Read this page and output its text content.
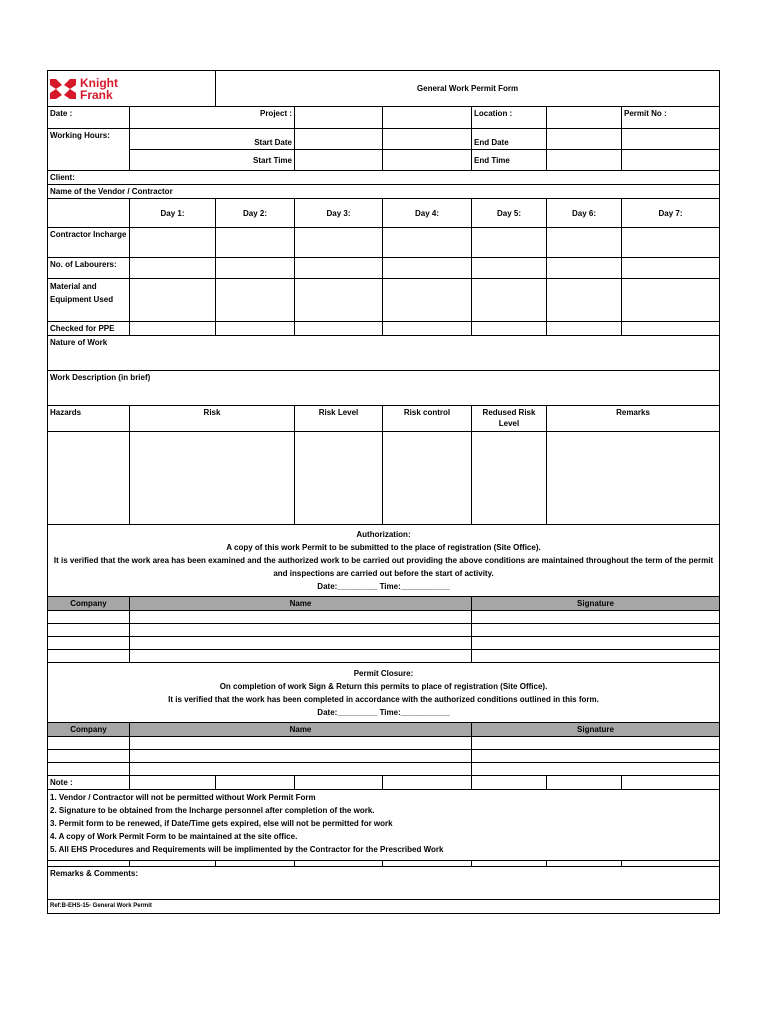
Knight
Frank		General Work Permit Form					
Date :	Project :				Location :		Permit No :
Working Hours:	Start Date				End Date		
	Start Time				End Time		
Client:							
Name of the Vendor / Contractor							
	Day 1:	Day 2:	Day 3:	Day 4:	Day 5:	Day 6:	Day 7:
Contractor Incharge							
No. of Labourers:							
Material and Equipment Used							
Checked for PPE							
Nature of Work							
Work Description (in brief)							
Hazards	Risk		Risk Level	Risk control	Redused Risk Level	Remarks	

Authorization:
A copy of this work Permit to be submitted to the place of registration (Site Office).
It is verified that the work area has been examined and the authorized work to be carried out providing the above conditions are maintained throughout the term of the permit and inspections are carried out before the start of activity.
Date:_________ Time:___________							

Company	Name				Signature		

Permit Closure:
On completion of work Sign & Return this permits to place of registration (Site Office).
It is verified that the work has been completed in accordance with the authorized conditions outlined in this form.
Date:_________ Time:___________							

Company	Name				Signature		

Note :							

1. Vendor / Contractor will not be permitted without Work Permit Form
2. Signature to be obtained from the Incharge personnel after completion of the work.
3. Permit form to be renewed, if Date/Time gets expired, else will not be permitted for work
4. A copy of Work Permit Form to be maintained at the site office.
5. All EHS Procedures and Requirements will be implimented by the Contractor for the Prescribed Work							

Remarks & Comments:							
Ref:B-EHS-15- General Work Permit							
